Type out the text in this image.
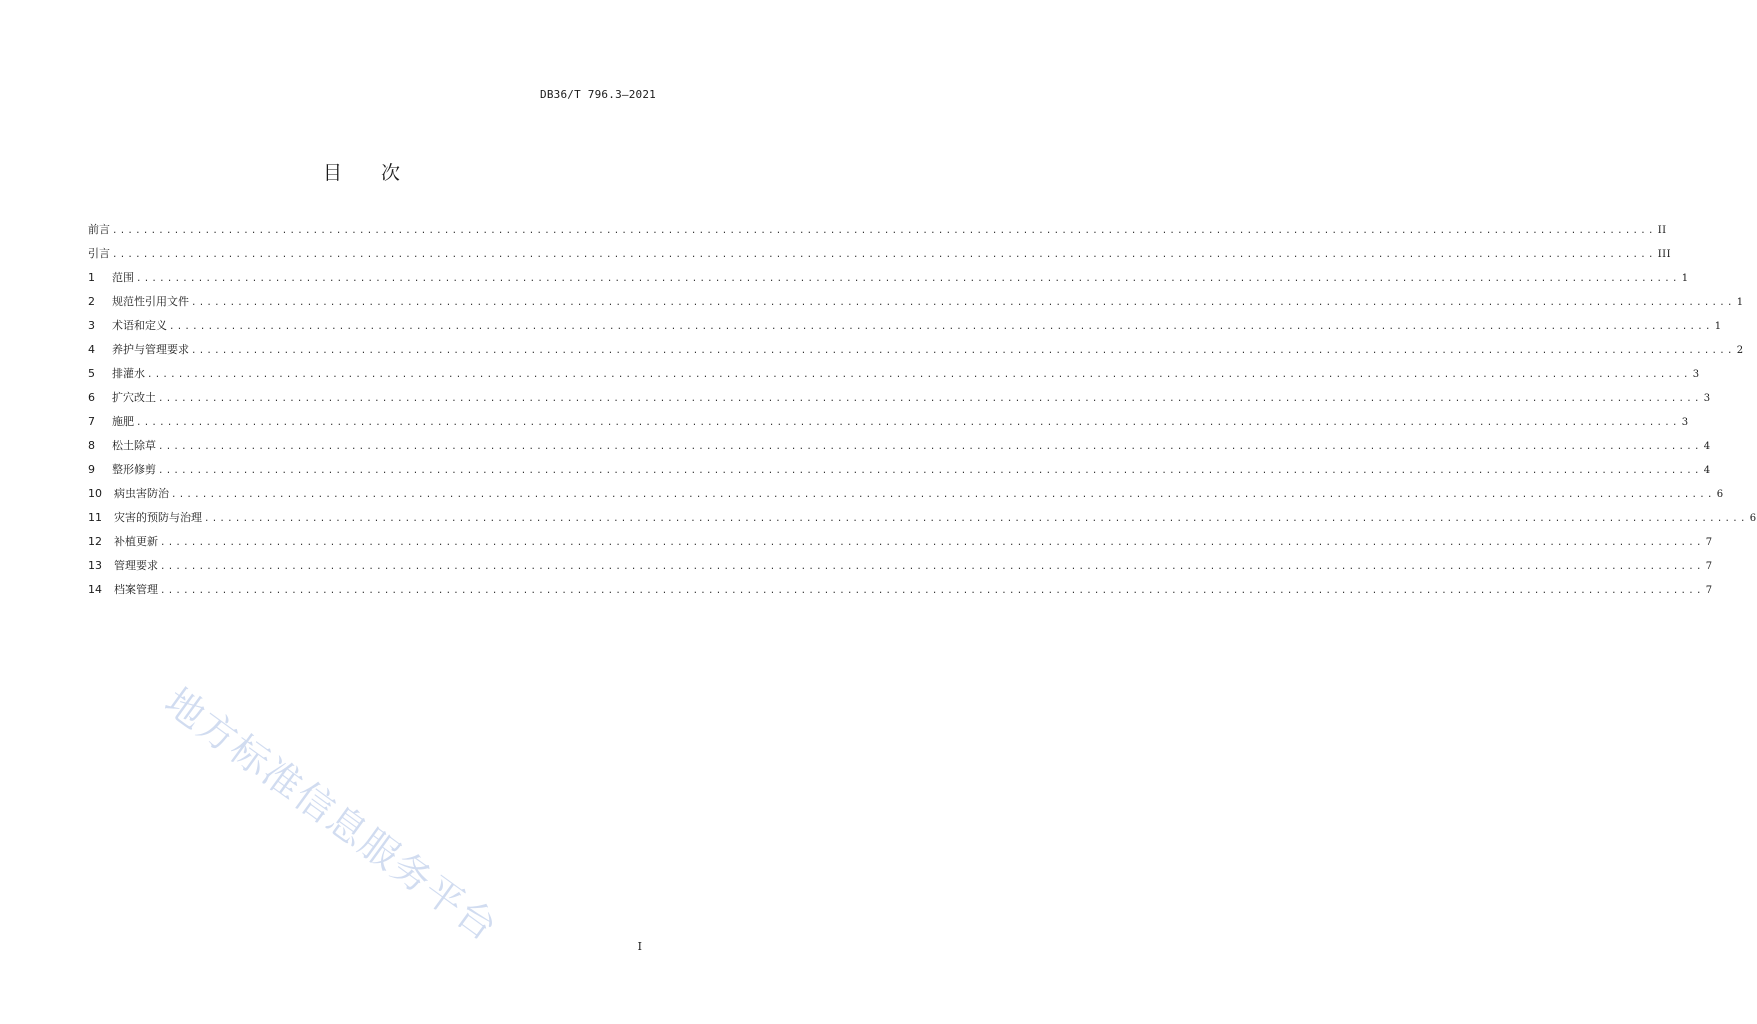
DB36/T 796.3—2021
目 次
前言 ........................................................................................................................................................................................................ II
引言 ........................................................................................................................................................................................................ III
1	范围 ........................................................................................................................................................................................................ 1
2	规范性引用文件 ........................................................................................................................................................................................................ 1
3	术语和定义 ........................................................................................................................................................................................................ 1
4	养护与管理要求 ........................................................................................................................................................................................................ 2
5	排灌水 ........................................................................................................................................................................................................ 3
6	扩穴改土 ........................................................................................................................................................................................................ 3
7	施肥 ........................................................................................................................................................................................................ 3
8	松土除草 ........................................................................................................................................................................................................ 4
9	整形修剪 ........................................................................................................................................................................................................ 4
10	病虫害防治 ........................................................................................................................................................................................................ 6
11	灾害的预防与治理 ........................................................................................................................................................................................................ 6
12	补植更新 ........................................................................................................................................................................................................ 7
13	管理要求 ........................................................................................................................................................................................................ 7
14	档案管理 ........................................................................................................................................................................................................ 7
地方标准信息服务平台	I
